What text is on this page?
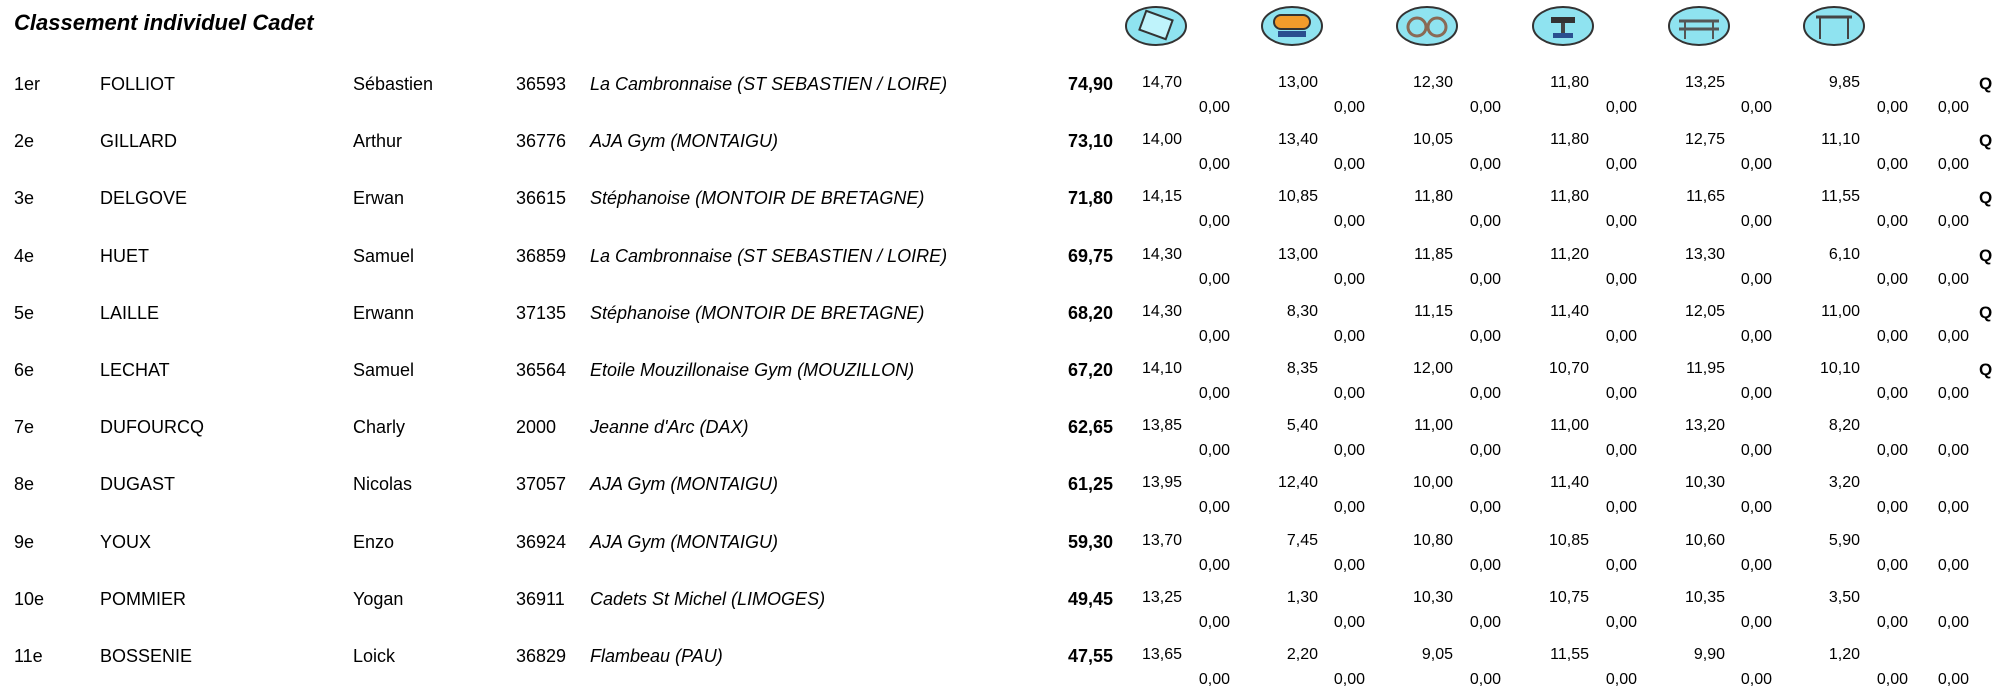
Classement individuel Cadet
1er	FOLLIOT	Sébastien	36593 La Cambronnaise (ST SEBASTIEN / LOIRE)	74,90	14,70	13,00	12,30	11,80	13,25	9,85
0,00	0,00	0,00	0,00	0,00	0,00	0,00
Q
2e	GILLARD	Arthur	36776 AJA Gym (MONTAIGU)	73,10	14,00	13,40	10,05	11,80	12,75	11,10
0,00	0,00	0,00	0,00	0,00	0,00	0,00
Q
3e	DELGOVE	Erwan	36615 Stéphanoise (MONTOIR DE BRETAGNE)	71,80	14,15	10,85	11,80	11,80	11,65	11,55
0,00	0,00	0,00	0,00	0,00	0,00	0,00
Q
4e	HUET	Samuel	36859 La Cambronnaise (ST SEBASTIEN / LOIRE)	69,75	14,30	13,00	11,85	11,20	13,30	6,10
0,00	0,00	0,00	0,00	0,00	0,00	0,00
Q
5e	LAILLE	Erwann	37135 Stéphanoise (MONTOIR DE BRETAGNE)	68,20	14,30	8,30	11,15	11,40	12,05	11,00
0,00	0,00	0,00	0,00	0,00	0,00	0,00
Q
6e	LECHAT	Samuel	36564 Etoile Mouzillonaise Gym (MOUZILLON)	67,20	14,10	8,35	12,00	10,70	11,95	10,10
0,00	0,00	0,00	0,00	0,00	0,00	0,00
Q
7e	DUFOURCQ	Charly	2000 Jeanne d'Arc (DAX)	62,65	13,85	5,40	11,00	11,00	13,20	8,20
0,00	0,00	0,00	0,00	0,00	0,00	0,00
8e	DUGAST	Nicolas	37057 AJA Gym (MONTAIGU)	61,25	13,95	12,40	10,00	11,40	10,30	3,20
0,00	0,00	0,00	0,00	0,00	0,00	0,00
9e	YOUX	Enzo	36924 AJA Gym (MONTAIGU)	59,30	13,70	7,45	10,80	10,85	10,60	5,90
0,00	0,00	0,00	0,00	0,00	0,00	0,00
10e	POMMIER	Yogan	36911 Cadets St Michel (LIMOGES)	49,45	13,25	1,30	10,30	10,75	10,35	3,50
0,00	0,00	0,00	0,00	0,00	0,00	0,00
11e	BOSSENIE	Loick	36829 Flambeau (PAU)	47,55	13,65	2,20	9,05	11,55	9,90	1,20
0,00	0,00	0,00	0,00	0,00	0,00	0,00
